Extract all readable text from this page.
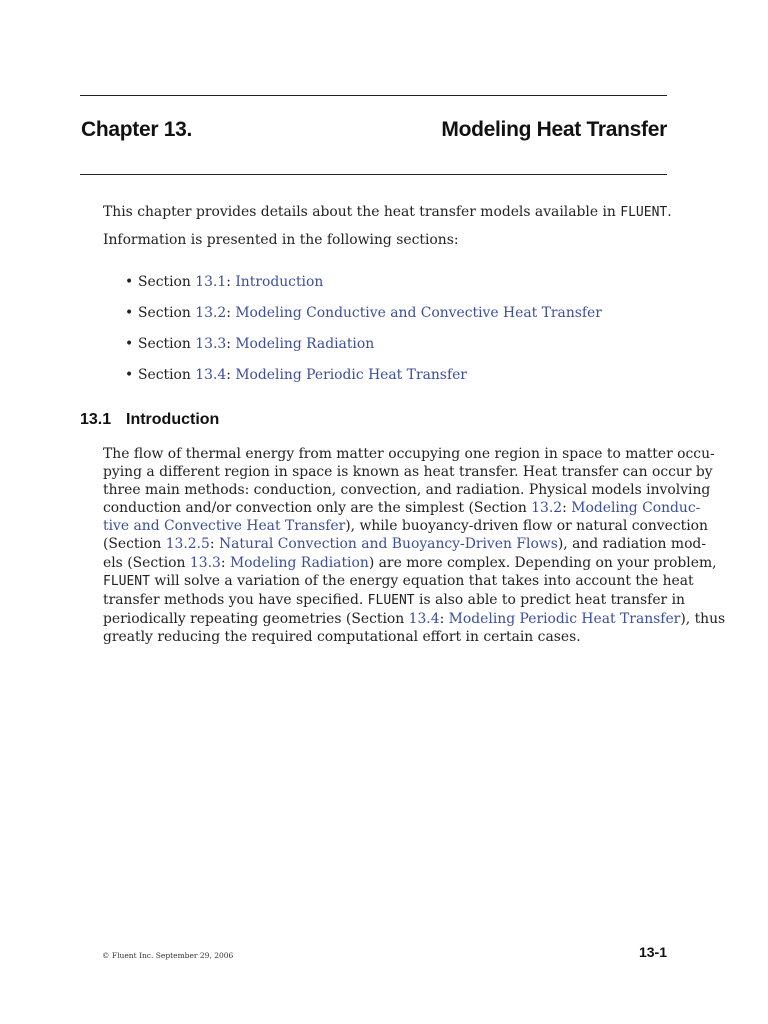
Chapter 13.	Modeling Heat Transfer

This chapter provides details about the heat transfer models available in FLUENT.

Information is presented in the following sections:

• Section 13.1: Introduction
• Section 13.2: Modeling Conductive and Convective Heat Transfer
• Section 13.3: Modeling Radiation
• Section 13.4: Modeling Periodic Heat Transfer
13.1 Introduction
The flow of thermal energy from matter occupying one region in space to matter occu-
pying a different region in space is known as heat transfer. Heat transfer can occur by
three main methods: conduction, convection, and radiation. Physical models involving
conduction and/or convection only are the simplest (Section 13.2: Modeling Conduc-
tive and Convective Heat Transfer), while buoyancy-driven flow or natural convection
(Section 13.2.5: Natural Convection and Buoyancy-Driven Flows), and radiation mod-
els (Section 13.3: Modeling Radiation) are more complex. Depending on your problem,
FLUENT will solve a variation of the energy equation that takes into account the heat
transfer methods you have specified. FLUENT is also able to predict heat transfer in
periodically repeating geometries (Section 13.4: Modeling Periodic Heat Transfer), thus
greatly reducing the required computational effort in certain cases.
© Fluent Inc. September 29, 2006	13-1
